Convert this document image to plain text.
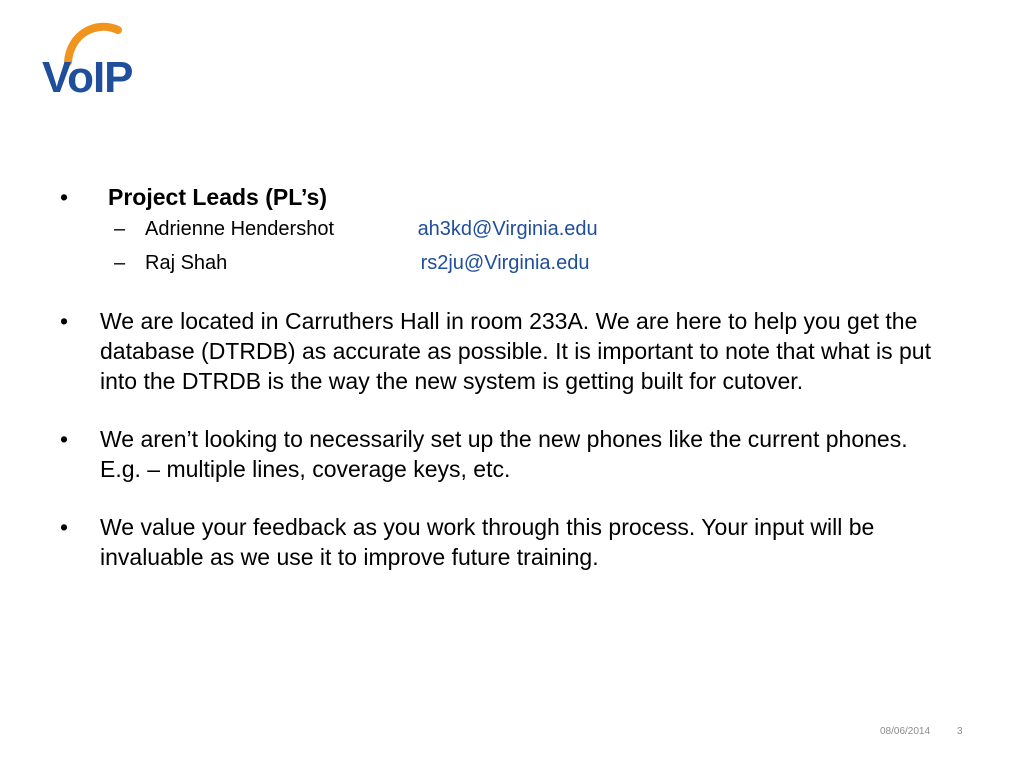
VoIP
•	Project Leads (PL’s)
– Adrienne Hendershot	ah3kd@Virginia.edu
– Raj Shah	rs2ju@Virginia.edu
•	We are located in Carruthers Hall in room 233A. We are here to help you get the database (DTRDB) as accurate as possible. It is important to note that what is put into the DTRDB is the way the new system is getting built for cutover.
•	We aren’t looking to necessarily set up the new phones like the current phones. E.g. – multiple lines, coverage keys, etc.
•	We value your feedback as you work through this process. Your input will be invaluable as we use it to improve future training.
08/06/2014	3
